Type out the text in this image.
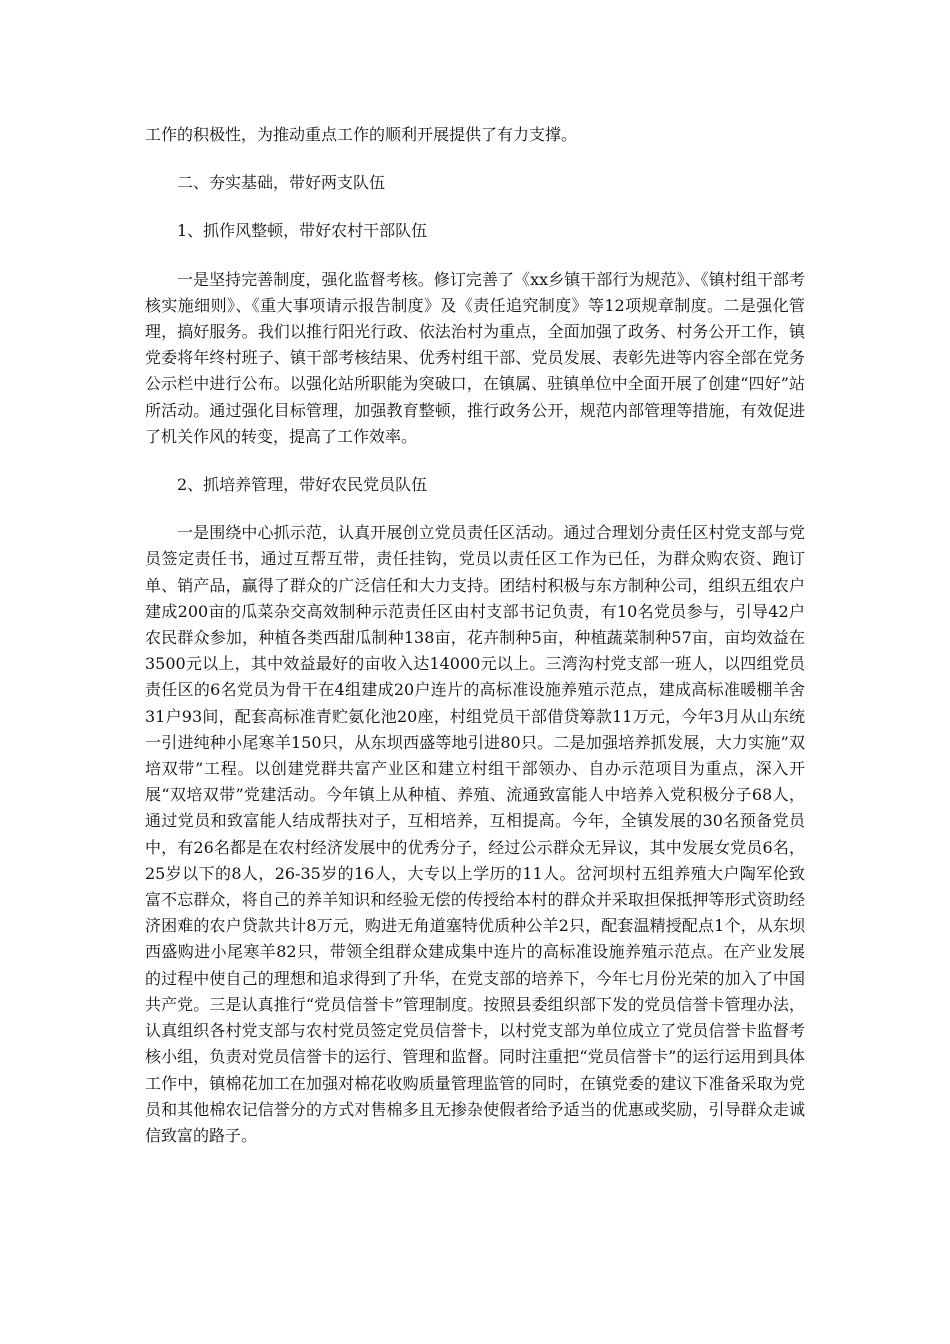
工作的积极性，为推动重点工作的顺利开展提供了有力支撑。

二、夯实基础，带好两支队伍

1、抓作风整顿，带好农村干部队伍

一是坚持完善制度，强化监督考核。修订完善了《xx乡镇干部行为规范》、《镇村组干部考核实施细则》、《重大事项请示报告制度》及《责任追究制度》等12项规章制度。二是强化管理，搞好服务。我们以推行阳光行政、依法治村为重点，全面加强了政务、村务公开工作，镇党委将年终村班子、镇干部考核结果、优秀村组干部、党员发展、表彰先进等内容全部在党务公示栏中进行公布。以强化站所职能为突破口，在镇属、驻镇单位中全面开展了创建“四好”站所活动。通过强化目标管理，加强教育整顿，推行政务公开，规范内部管理等措施，有效促进了机关作风的转变，提高了工作效率。

2、抓培养管理，带好农民党员队伍

一是围绕中心抓示范，认真开展创立党员责任区活动。通过合理划分责任区村党支部与党员签定责任书，通过互帮互带，责任挂钩，党员以责任区工作为已任，为群众购农资、跑订单、销产品，赢得了群众的广泛信任和大力支持。团结村积极与东方制种公司，组织五组农户建成200亩的瓜菜杂交高效制种示范责任区由村支部书记负责，有10名党员参与，引导42户农民群众参加，种植各类西甜瓜制种138亩，花卉制种5亩，种植蔬菜制种57亩，亩均效益在3500元以上，其中效益最好的亩收入达14000元以上。三湾沟村党支部一班人，以四组党员责任区的6名党员为骨干在4组建成20户连片的高标准设施养殖示范点，建成高标准暖棚羊舍31户93间，配套高标准青贮氨化池20座，村组党员干部借贷筹款11万元，今年3月从山东统一引进纯种小尾寒羊150只，从东坝西盛等地引进80只。二是加强培养抓发展，大力实施”双培双带”工程。以创建党群共富产业区和建立村组干部领办、自办示范项目为重点，深入开展“双培双带”党建活动。今年镇上从种植、养殖、流通致富能人中培养入党积极分子68人，通过党员和致富能人结成帮扶对子，互相培养，互相提高。今年，全镇发展的30名预备党员中，有26名都是在农村经济发展中的优秀分子，经过公示群众无异议，其中发展女党员6名，25岁以下的8人，26-35岁的16人，大专以上学历的11人。岔河坝村五组养殖大户陶军伦致富不忘群众，将自己的养羊知识和经验无偿的传授给本村的群众并采取担保抵押等形式资助经济困难的农户贷款共计8万元，购进无角道塞特优质种公羊2只，配套温精授配点1个，从东坝西盛购进小尾寒羊82只，带领全组群众建成集中连片的高标准设施养殖示范点。在产业发展的过程中使自己的理想和追求得到了升华，在党支部的培养下，今年七月份光荣的加入了中国共产党。三是认真推行“党员信誉卡”管理制度。按照县委组织部下发的党员信誉卡管理办法，认真组织各村党支部与农村党员签定党员信誉卡，以村党支部为单位成立了党员信誉卡监督考核小组，负责对党员信誉卡的运行、管理和监督。同时注重把“党员信誉卡”的运行运用到具体工作中，镇棉花加工在加强对棉花收购质量管理监管的同时，在镇党委的建议下准备采取为党员和其他棉农记信誉分的方式对售棉多且无掺杂使假者给予适当的优惠或奖励，引导群众走诚信致富的路子。
